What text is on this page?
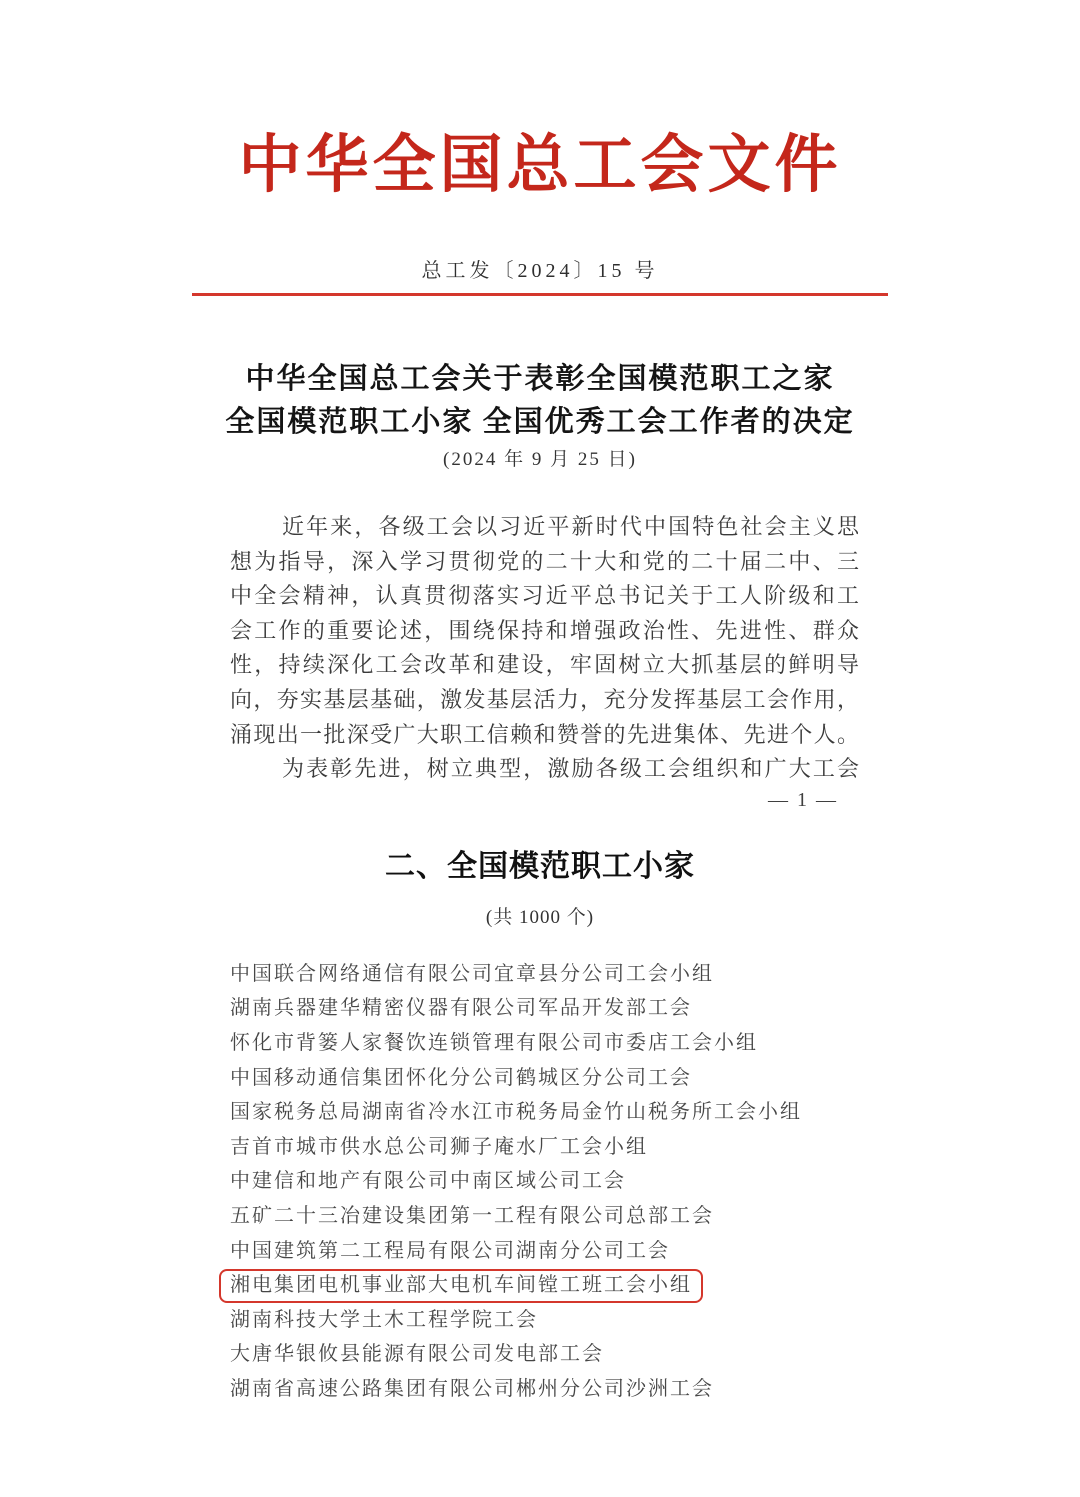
中华全国总工会文件
总工发〔2024〕15 号
中华全国总工会关于表彰全国模范职工之家
全国模范职工小家 全国优秀工会工作者的决定
(2024 年 9 月 25 日)
近年来，各级工会以习近平新时代中国特色社会主义思
想为指导，深入学习贯彻党的二十大和党的二十届二中、三
中全会精神，认真贯彻落实习近平总书记关于工人阶级和工
会工作的重要论述，围绕保持和增强政治性、先进性、群众
性，持续深化工会改革和建设，牢固树立大抓基层的鲜明导
向，夯实基层基础，激发基层活力，充分发挥基层工会作用，
涌现出一批深受广大职工信赖和赞誉的先进集体、先进个人。
为表彰先进，树立典型，激励各级工会组织和广大工会
— 1 —
二、全国模范职工小家
(共 1000 个)
中国联合网络通信有限公司宜章县分公司工会小组
湖南兵器建华精密仪器有限公司军品开发部工会
怀化市背篓人家餐饮连锁管理有限公司市委店工会小组
中国移动通信集团怀化分公司鹤城区分公司工会
国家税务总局湖南省冷水江市税务局金竹山税务所工会小组
吉首市城市供水总公司狮子庵水厂工会小组
中建信和地产有限公司中南区域公司工会
五矿二十三冶建设集团第一工程有限公司总部工会
中国建筑第二工程局有限公司湖南分公司工会
湘电集团电机事业部大电机车间镗工班工会小组
湖南科技大学土木工程学院工会
大唐华银攸县能源有限公司发电部工会
湖南省高速公路集团有限公司郴州分公司沙洲工会
